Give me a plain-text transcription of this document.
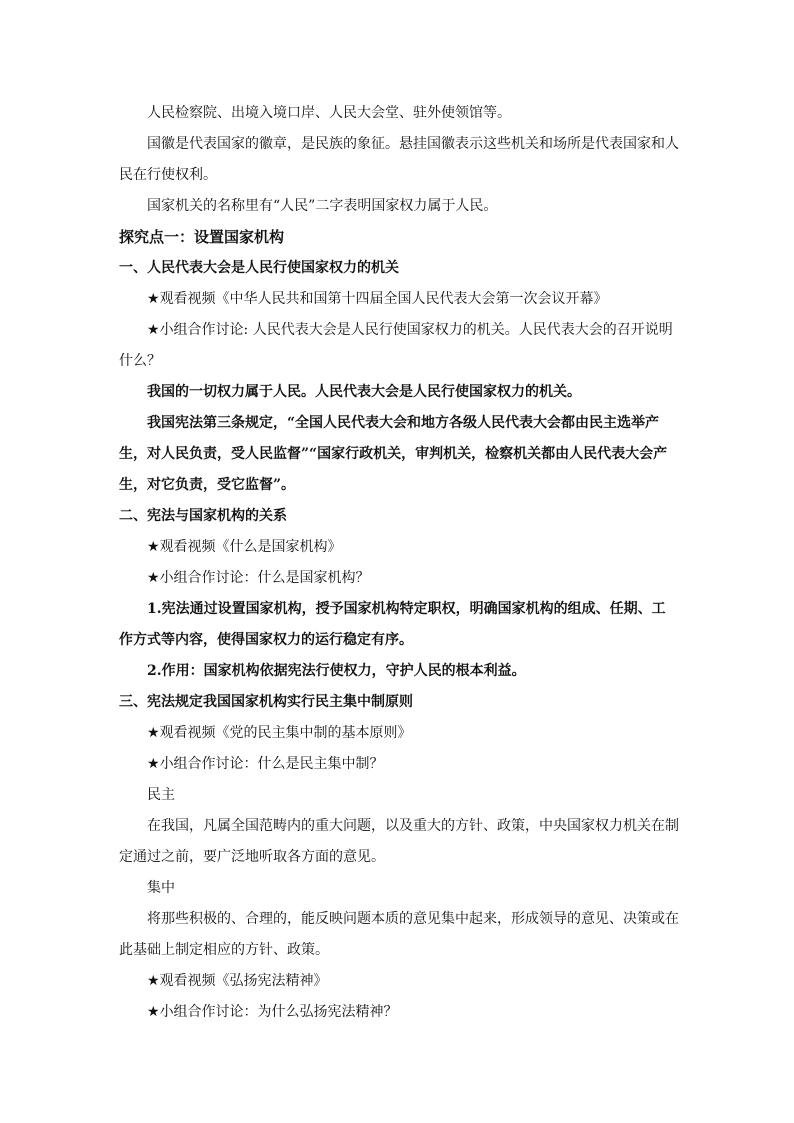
人民检察院、出境入境口岸、人民大会堂、驻外使领馆等。

国徽是代表国家的徽章，是民族的象征。悬挂国徽表示这些机关和场所是代表国家和人民在行使权利。

国家机关的名称里有“人民”二字表明国家权力属于人民。

探究点一：设置国家机构

一、人民代表大会是人民行使国家权力的机关

★观看视频《中华人民共和国第十四届全国人民代表大会第一次会议开幕》

★小组合作讨论: 人民代表大会是人民行使国家权力的机关。人民代表大会的召开说明什么？

我国的一切权力属于人民。人民代表大会是人民行使国家权力的机关。

我国宪法第三条规定，“全国人民代表大会和地方各级人民代表大会都由民主选举产生，对人民负责，受人民监督”“国家行政机关，审判机关，检察机关都由人民代表大会产生，对它负责，受它监督”。

二、宪法与国家机构的关系

★观看视频《什么是国家机构》

★小组合作讨论：什么是国家机构？

1.宪法通过设置国家机构，授予国家机构特定职权，明确国家机构的组成、任期、工作方式等内容，使得国家权力的运行稳定有序。

2.作用：国家机构依据宪法行使权力，守护人民的根本利益。

三、宪法规定我国国家机构实行民主集中制原则

★观看视频《党的民主集中制的基本原则》

★小组合作讨论：什么是民主集中制？

民主

在我国，凡属全国范畴内的重大问题，以及重大的方针、政策，中央国家权力机关在制定通过之前，要广泛地听取各方面的意见。

集中

将那些积极的、合理的，能反映问题本质的意见集中起来，形成领导的意见、决策或在此基础上制定相应的方针、政策。

★观看视频《弘扬宪法精神》

★小组合作讨论：为什么弘扬宪法精神？
